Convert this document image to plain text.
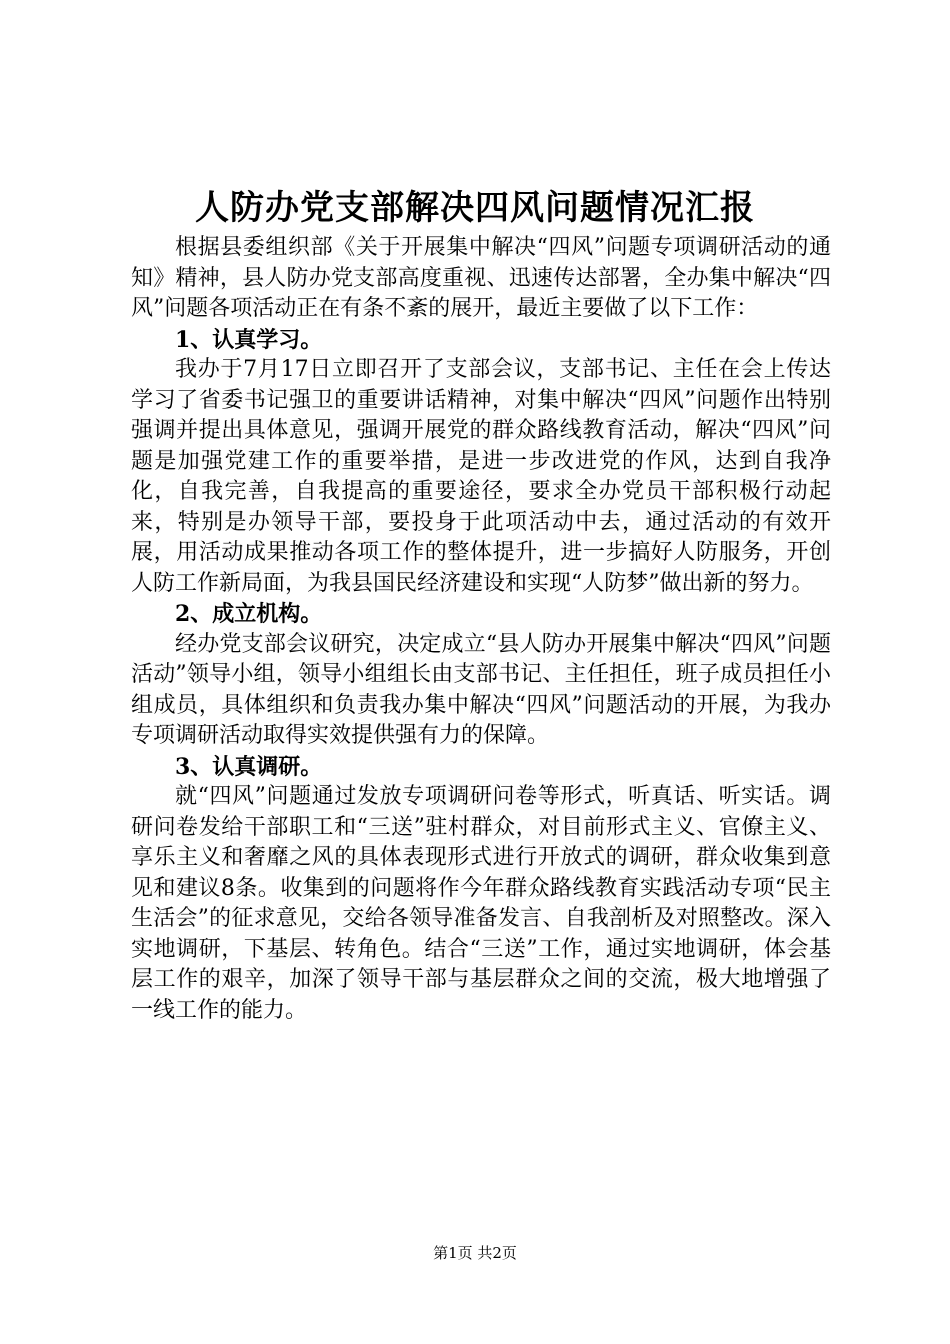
人防办党支部解决四风问题情况汇报

根据县委组织部《关于开展集中解决“四风”问题专项调研活动的通知》精神，县人防办党支部高度重视、迅速传达部署，全办集中解决“四风”问题各项活动正在有条不紊的展开，最近主要做了以下工作：

1、认真学习。

我办于7月17日立即召开了支部会议，支部书记、主任在会上传达学习了省委书记强卫的重要讲话精神，对集中解决“四风”问题作出特别强调并提出具体意见，强调开展党的群众路线教育活动，解决“四风”问题是加强党建工作的重要举措，是进一步改进党的作风，达到自我净化，自我完善，自我提高的重要途径，要求全办党员干部积极行动起来，特别是办领导干部，要投身于此项活动中去，通过活动的有效开展，用活动成果推动各项工作的整体提升，进一步搞好人防服务，开创人防工作新局面，为我县国民经济建设和实现“人防梦”做出新的努力。

2、成立机构。

经办党支部会议研究，决定成立“县人防办开展集中解决“四风”问题活动”领导小组，领导小组组长由支部书记、主任担任，班子成员担任小组成员，具体组织和负责我办集中解决“四风”问题活动的开展，为我办专项调研活动取得实效提供强有力的保障。

3、认真调研。

就“四风”问题通过发放专项调研问卷等形式，听真话、听实话。调研问卷发给干部职工和“三送”驻村群众，对目前形式主义、官僚主义、享乐主义和奢靡之风的具体表现形式进行开放式的调研，群众收集到意见和建议8条。收集到的问题将作今年群众路线教育实践活动专项“民主生活会”的征求意见，交给各领导准备发言、自我剖析及对照整改。深入实地调研，下基层、转角色。结合“三送”工作，通过实地调研，体会基层工作的艰辛，加深了领导干部与基层群众之间的交流，极大地增强了一线工作的能力。

第1页 共2页
